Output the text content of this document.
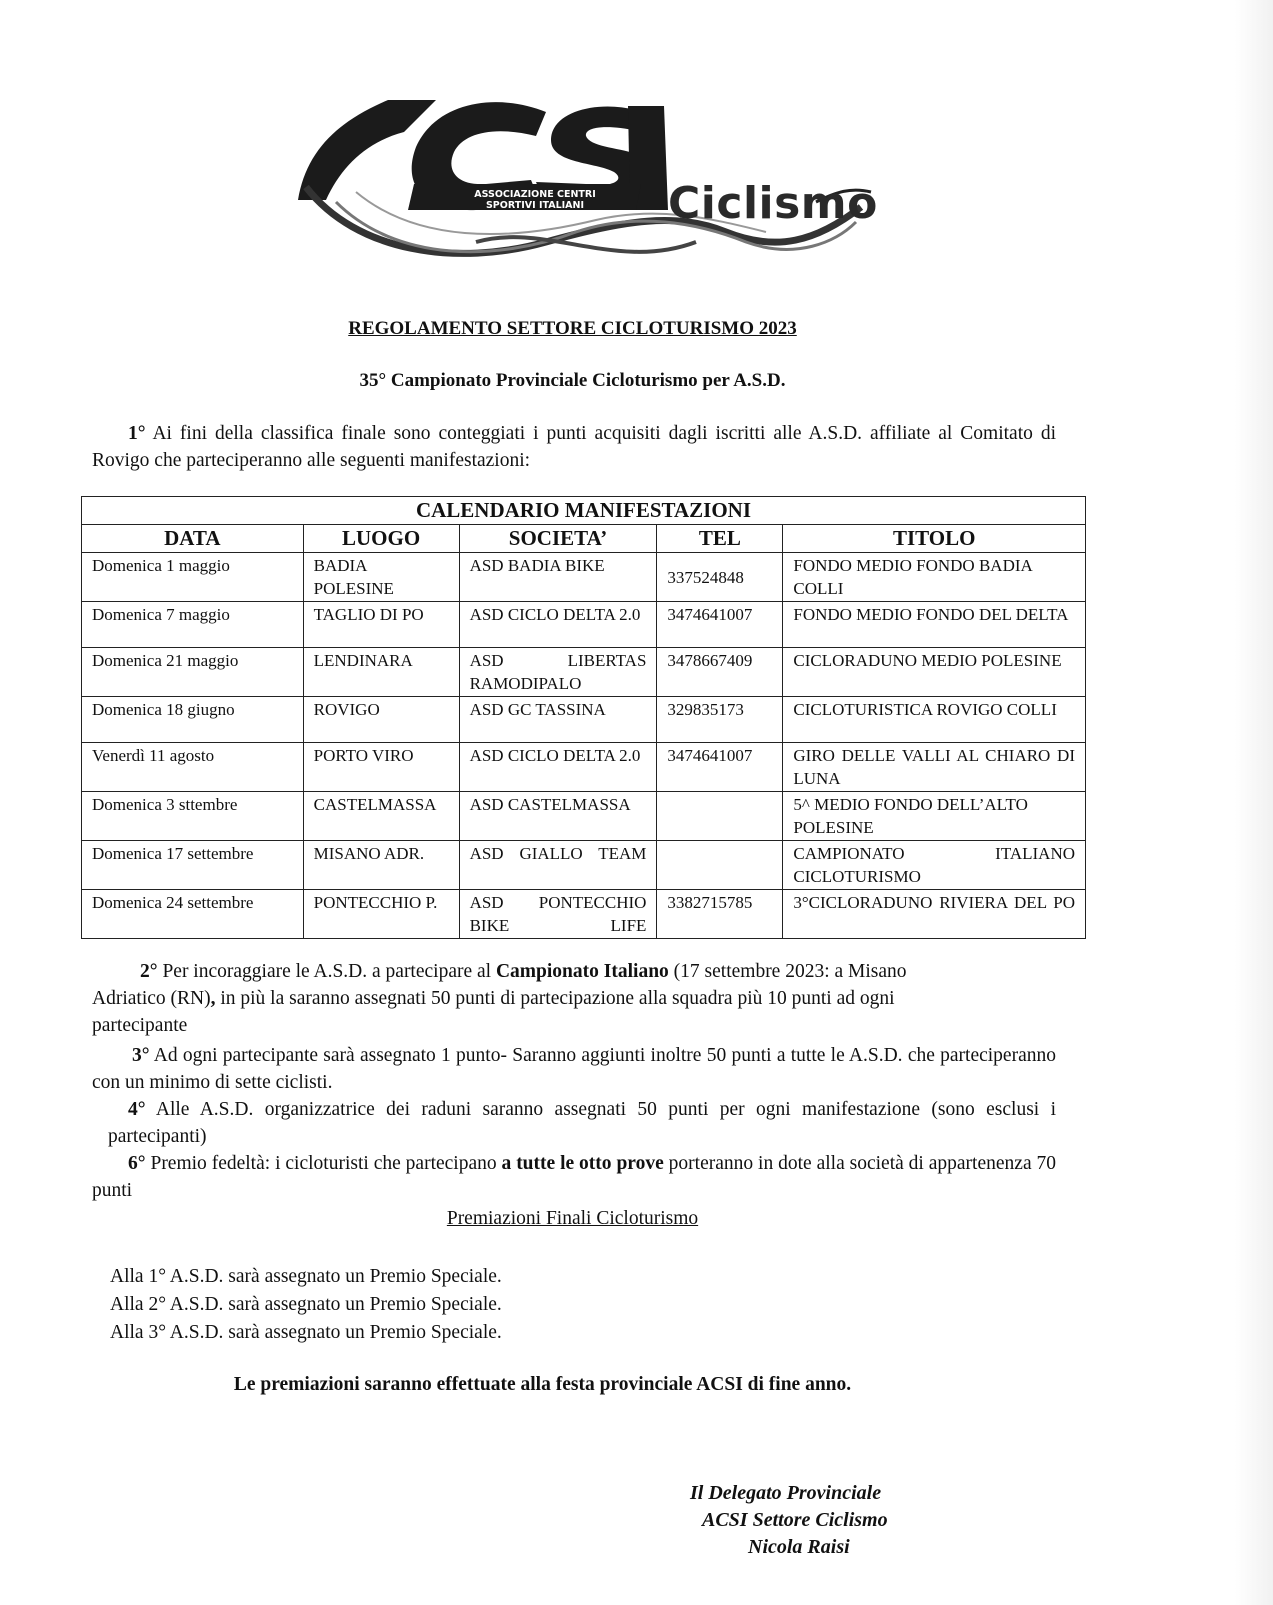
ASSOCIAZIONE CENTRI
SPORTIVI ITALIANI	Ciclismo
REGOLAMENTO SETTORE CICLOTURISMO 2023
35° Campionato Provinciale Cicloturismo per A.S.D.
1° Ai fini della classifica finale sono conteggiati i punti acquisiti dagli iscritti alle A.S.D. affiliate al Comitato di Rovigo che parteciperanno alle seguenti manifestazioni:
CALENDARIO MANIFESTAZIONI				
DATA	LUOGO	SOCIETA’	TEL	TITOLO
Domenica 1 maggio	BADIA POLESINE	ASD BADIA BIKE	337524848	FONDO MEDIO FONDO BADIA COLLI
Domenica 7 maggio	TAGLIO DI PO	ASD CICLO DELTA 2.0	3474641007	FONDO MEDIO FONDO DEL DELTA
Domenica 21 maggio	LENDINARA	ASD LIBERTAS RAMODIPALO	3478667409	CICLORADUNO MEDIO POLESINE
Domenica 18 giugno	ROVIGO	ASD GC TASSINA	329835173	CICLOTURISTICA ROVIGO COLLI
Venerdì 11 agosto	PORTO VIRO	ASD CICLO DELTA 2.0	3474641007	GIRO DELLE VALLI AL CHIARO DI LUNA
Domenica 3 sttembre	CASTELMASSA	ASD CASTELMASSA		5^ MEDIO FONDO DELL’ALTO POLESINE
Domenica 17 settembre	MISANO ADR.	ASD GIALLO TEAM		CAMPIONATO ITALIANO CICLOTURISMO
Domenica 24 settembre	PONTECCHIO P.	ASD PONTECCHIO BIKE LIFE	3382715785	3°CICLORADUNO RIVIERA DEL PO
2° Per incoraggiare le A.S.D. a partecipare al Campionato Italiano (17 settembre 2023: a Misano Adriatico (RN), in più la saranno assegnati 50 punti di partecipazione alla squadra più 10 punti ad ogni partecipante
3° Ad ogni partecipante sarà assegnato 1 punto- Saranno aggiunti inoltre 50 punti a tutte le A.S.D. che parteciperanno con un minimo di sette ciclisti.
4° Alle A.S.D. organizzatrice dei raduni saranno assegnati 50 punti per ogni manifestazione (sono esclusi i partecipanti)
6° Premio fedeltà: i cicloturisti che partecipano a tutte le otto prove porteranno in dote alla società di appartenenza 70 punti
Premiazioni Finali Cicloturismo
Alla 1° A.S.D. sarà assegnato un Premio Speciale.
Alla 2° A.S.D. sarà assegnato un Premio Speciale.
Alla 3° A.S.D. sarà assegnato un Premio Speciale.
Le premiazioni saranno effettuate alla festa provinciale ACSI di fine anno.
Il Delegato Provinciale
ACSI Settore Ciclismo
Nicola Raisi
